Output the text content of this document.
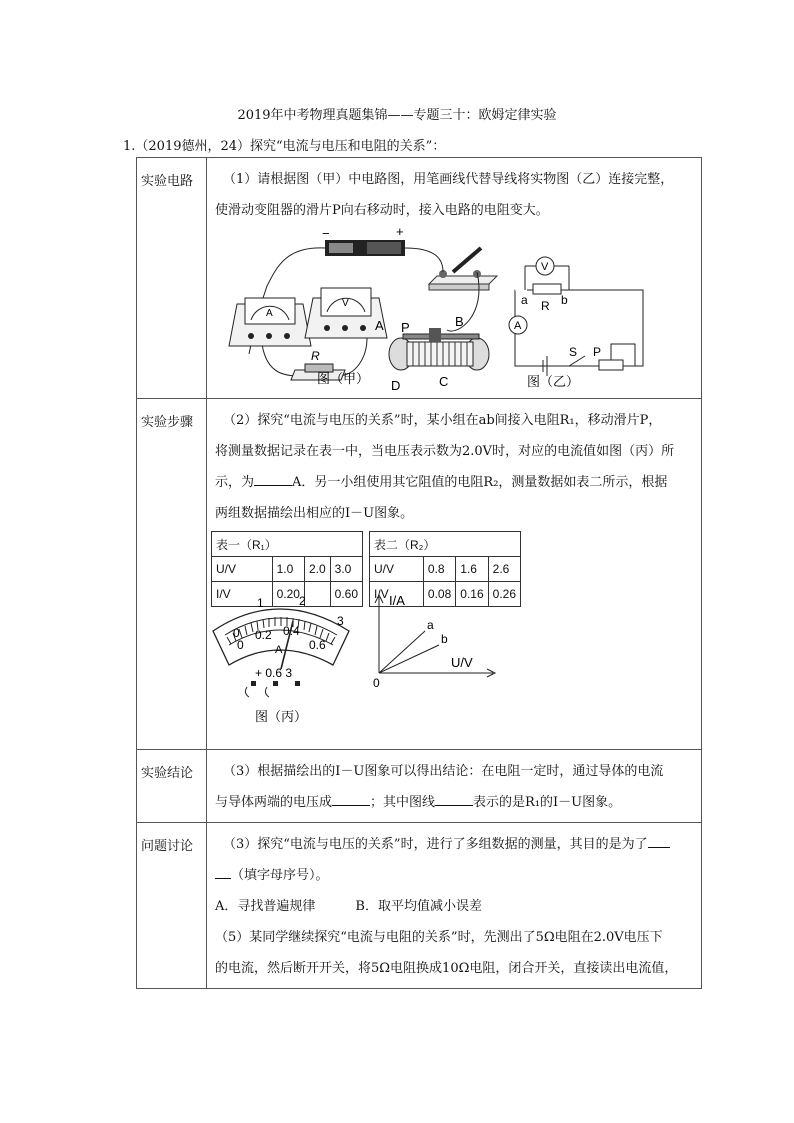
2019年中考物理真题集锦——专题三十：欧姆定律实验
1.（2019德州，24）探究“电流与电压和电阻的关系”：
实验电路	（1）请根据图（甲）中电路图，用笔画线代替导线将实物图（乙）连接完整，

使滑动变阻器的滑片P向右移动时，接入电路的电阻变大。

−	+
A
V
R
A P	B
C
D
V
A
a	b
R
S P
图（甲）	图（乙）

实验步骤	（2）探究“电流与电压的关系”时，某小组在ab间接入电阻R₁，移动滑片P，

将测量数据记录在表一中，当电压表示数为2.0V时，对应的电流值如图（丙）所

示，为	A．另一小组使用其它阻值的电阻R₂，测量数据如表二所示，根据

两组数据描绘出相应的I－U图象。

表一（R₁）
U/V	1.0	2.0	3.0
I/V	0.20		0.60
表二（R₂）
U/V	0.8	1.6	2.6
I/V	0.08	0.16	0.26
0
1	2
3
0
0.2 0.4
0.6
A
+ 0.6 3
图（丙）
I/A
U/V
0
a
b

实验结论	（3）根据描绘出的I－U图象可以得出结论：在电阻一定时，通过导体的电流

与导体两端的电压成	；其中图线	表示的是R₁的I－U图象。

问题讨论	（3）探究“电流与电压的关系”时，进行了多组数据的测量，其目的是为了

（填字母序号）。

A．寻找普遍规律	B．取平均值减小误差

（5）某同学继续探究“电流与电阻的关系”时，先测出了5Ω电阻在2.0V电压下

的电流，然后断开开关，将5Ω电阻换成10Ω电阻，闭合开关，直接读出电流值，
